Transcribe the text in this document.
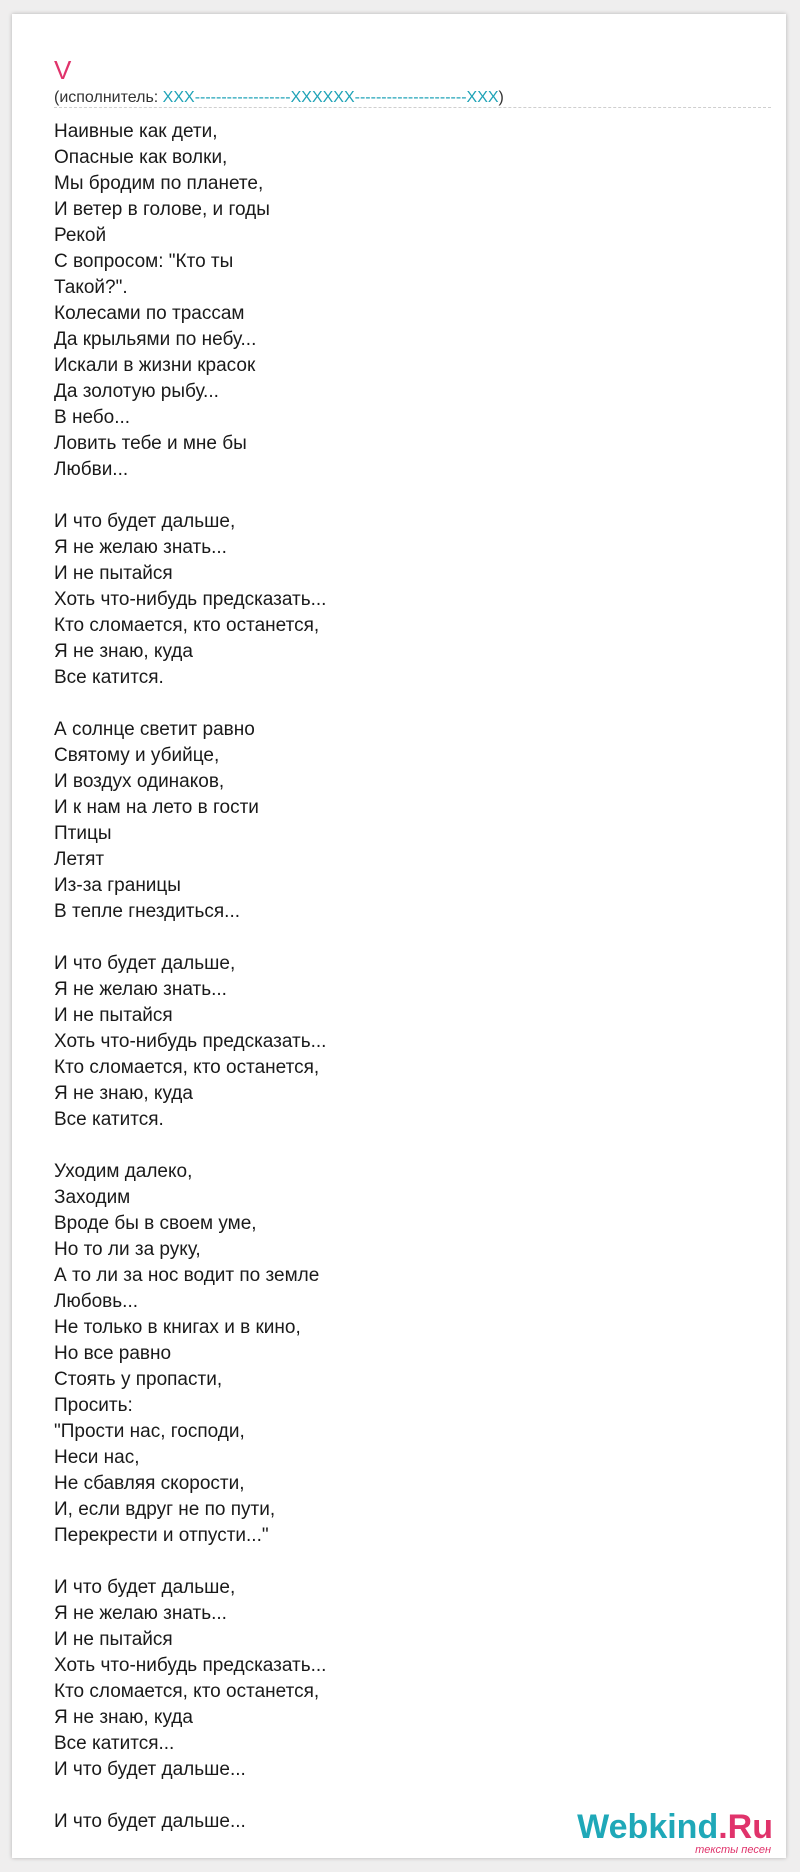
V
(исполнитель: XXX------------------XXXXXX---------------------XXX)
Наивные как дети,
Опасные как волки,
Мы бродим по планете,
И ветер в голове, и годы
Рекой
С вопросом: "Кто ты
Такой?".
Колесами по трассам
Да крыльями по небу...
Искали в жизни красок
Да золотую рыбу...
В небо...
Ловить тебе и мне бы
Любви...

И что будет дальше,
Я не желаю знать...
И не пытайся
Хоть что-нибудь предсказать...
Кто сломается, кто останется,
Я не знаю, куда
Все катится.

А солнце светит равно
Святому и убийце,
И воздух одинаков,
И к нам на лето в гости
Птицы
Летят
Из-за границы
В тепле гнездиться...

И что будет дальше,
Я не желаю знать...
И не пытайся
Хоть что-нибудь предсказать...
Кто сломается, кто останется,
Я не знаю, куда
Все катится.

Уходим далеко,
Заходим
Вроде бы в своем уме,
Но то ли за руку,
А то ли за нос водит по земле
Любовь...
Не только в книгах и в кино,
Но все равно
Стоять у пропасти,
Просить:
"Прости нас, господи,
Неси нас,
Не сбавляя скорости,
И, если вдруг не по пути,
Перекрести и отпусти..."

И что будет дальше,
Я не желаю знать...
И не пытайся
Хоть что-нибудь предсказать...
Кто сломается, кто останется,
Я не знаю, куда
Все катится...
И что будет дальше...

И что будет дальше...	Webkind.Ru
тексты песен
